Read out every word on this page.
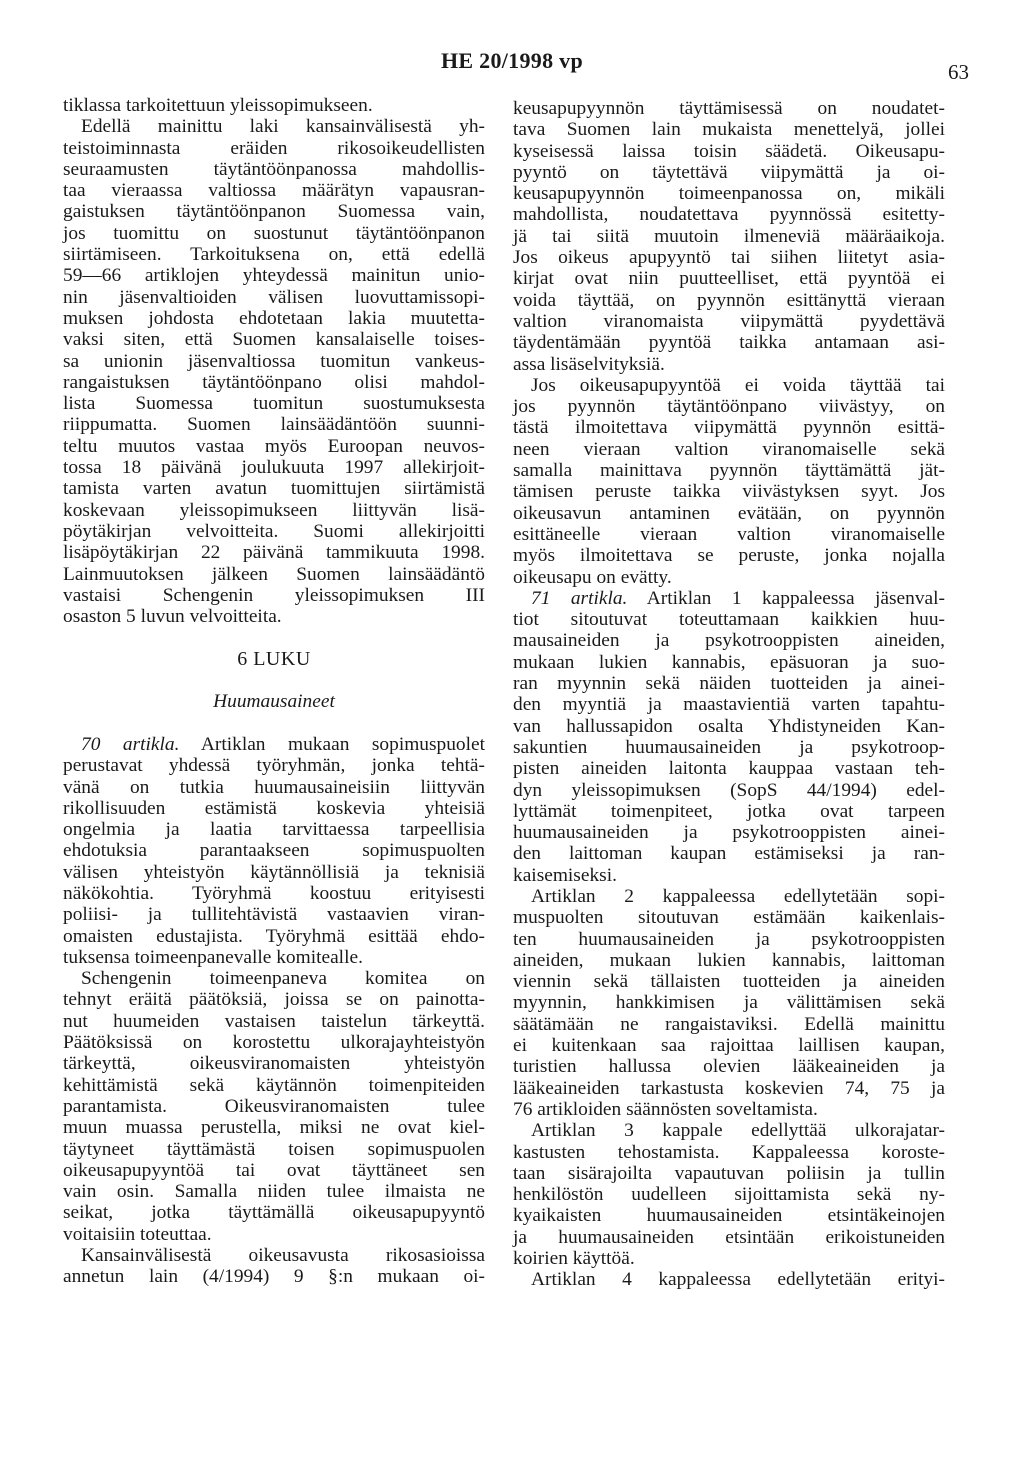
HE 20/1998 vp	63
tiklassa tarkoitettuun yleissopimukseen.
Edellä mainittu laki kansainvälisestä yh-
teistoiminnasta eräiden rikosoikeudellisten
seuraamusten täytäntöönpanossa mahdollis-
taa vieraassa valtiossa määrätyn vapausran-
gaistuksen täytäntöönpanon Suomessa vain,
jos tuomittu on suostunut täytäntöönpanon
siirtämiseen. Tarkoituksena on, että edellä
59—66 artiklojen yhteydessä mainitun unio-
nin jäsenvaltioiden välisen luovuttamissopi-
muksen johdosta ehdotetaan lakia muutetta-
vaksi siten, että Suomen kansalaiselle toises-
sa unionin jäsenvaltiossa tuomitun vankeus-
rangaistuksen täytäntöönpano olisi mahdol-
lista Suomessa tuomitun suostumuksesta
riippumatta. Suomen lainsäädäntöön suunni-
teltu muutos vastaa myös Euroopan neuvos-
tossa 18 päivänä joulukuuta 1997 allekirjoit-
tamista varten avatun tuomittujen siirtämistä
koskevaan yleissopimukseen liittyvän lisä-
pöytäkirjan velvoitteita. Suomi allekirjoitti
lisäpöytäkirjan 22 päivänä tammikuuta 1998.
Lainmuutoksen jälkeen Suomen lainsäädäntö
vastaisi Schengenin yleissopimuksen III
osaston 5 luvun velvoitteita.
6 LUKU
Huumausaineet
70 artikla. Artiklan mukaan sopimuspuolet
perustavat yhdessä työryhmän, jonka tehtä-
vänä on tutkia huumausaineisiin liittyvän
rikollisuuden estämistä koskevia yhteisiä
ongelmia ja laatia tarvittaessa tarpeellisia
ehdotuksia parantaakseen sopimuspuolten
välisen yhteistyön käytännöllisiä ja teknisiä
näkökohtia. Työryhmä koostuu erityisesti
poliisi- ja tullitehtävistä vastaavien viran-
omaisten edustajista. Työryhmä esittää ehdo-
tuksensa toimeenpanevalle komitealle.
Schengenin toimeenpaneva komitea on
tehnyt eräitä päätöksiä, joissa se on painotta-
nut huumeiden vastaisen taistelun tärkeyttä.
Päätöksissä on korostettu ulkorajayhteistyön
tärkeyttä, oikeusviranomaisten yhteistyön
kehittämistä sekä käytännön toimenpiteiden
parantamista. Oikeusviranomaisten tulee
muun muassa perustella, miksi ne ovat kiel-
täytyneet täyttämästä toisen sopimuspuolen
oikeusapupyyntöä tai ovat täyttäneet sen
vain osin. Samalla niiden tulee ilmaista ne
seikat, jotka täyttämällä oikeusapupyyntö
voitaisiin toteuttaa.
Kansainvälisestä oikeusavusta rikosasioissa
annetun lain (4/1994) 9 §:n mukaan oi-
keusapupyynnön täyttämisessä on noudatet-
tava Suomen lain mukaista menettelyä, jollei
kyseisessä laissa toisin säädetä. Oikeusapu-
pyyntö on täytettävä viipymättä ja oi-
keusapupyynnön toimeenpanossa on, mikäli
mahdollista, noudatettava pyynnössä esitetty-
jä tai siitä muutoin ilmeneviä määräaikoja.
Jos oikeus apupyyntö tai siihen liitetyt asia-
kirjat ovat niin puutteelliset, että pyyntöä ei
voida täyttää, on pyynnön esittänyttä vieraan
valtion viranomaista viipymättä pyydettävä
täydentämään pyyntöä taikka antamaan asi-
assa lisäselvityksiä.
Jos oikeusapupyyntöä ei voida täyttää tai
jos pyynnön täytäntöönpano viivästyy, on
tästä ilmoitettava viipymättä pyynnön esittä-
neen vieraan valtion viranomaiselle sekä
samalla mainittava pyynnön täyttämättä jät-
tämisen peruste taikka viivästyksen syyt. Jos
oikeusavun antaminen evätään, on pyynnön
esittäneelle vieraan valtion viranomaiselle
myös ilmoitettava se peruste, jonka nojalla
oikeusapu on evätty.
71 artikla. Artiklan 1 kappaleessa jäsenval-
tiot sitoutuvat toteuttamaan kaikkien huu-
mausaineiden ja psykotrooppisten aineiden,
mukaan lukien kannabis, epäsuoran ja suo-
ran myynnin sekä näiden tuotteiden ja ainei-
den myyntiä ja maastavientiä varten tapahtu-
van hallussapidon osalta Yhdistyneiden Kan-
sakuntien huumausaineiden ja psykotroop-
pisten aineiden laitonta kauppaa vastaan teh-
dyn yleissopimuksen (SopS 44/1994) edel-
lyttämät toimenpiteet, jotka ovat tarpeen
huumausaineiden ja psykotrooppisten ainei-
den laittoman kaupan estämiseksi ja ran-
kaisemiseksi.
Artiklan 2 kappaleessa edellytetään sopi-
muspuolten sitoutuvan estämään kaikenlais-
ten huumausaineiden ja psykotrooppisten
aineiden, mukaan lukien kannabis, laittoman
viennin sekä tällaisten tuotteiden ja aineiden
myynnin, hankkimisen ja välittämisen sekä
säätämään ne rangaistaviksi. Edellä mainittu
ei kuitenkaan saa rajoittaa laillisen kaupan,
turistien hallussa olevien lääkeaineiden ja
lääkeaineiden tarkastusta koskevien 74, 75 ja
76 artikloiden säännösten soveltamista.
Artiklan 3 kappale edellyttää ulkorajatar-
kastusten tehostamista. Kappaleessa koroste-
taan sisärajoilta vapautuvan poliisin ja tullin
henkilöstön uudelleen sijoittamista sekä ny-
kyaikaisten huumausaineiden etsintäkeinojen
ja huumausaineiden etsintään erikoistuneiden
koirien käyttöä.
Artiklan 4 kappaleessa edellytetään erityi-
